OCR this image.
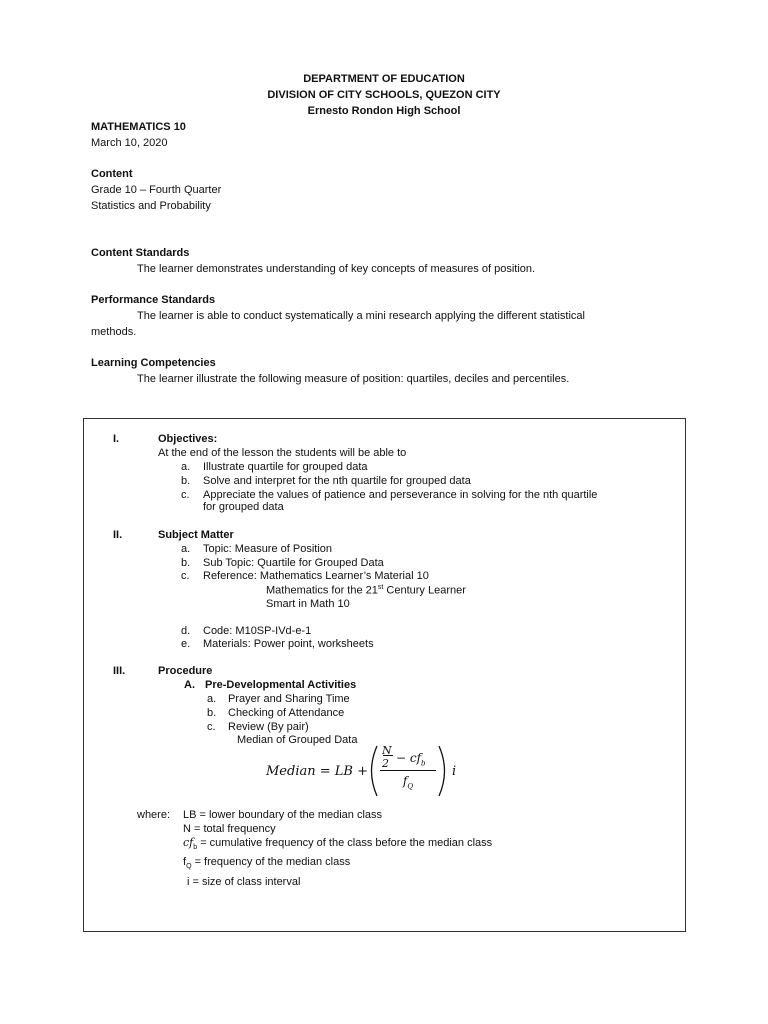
DEPARTMENT OF EDUCATION
DIVISION OF CITY SCHOOLS, QUEZON CITY
Ernesto Rondon High School
MATHEMATICS 10
March 10, 2020
Content
Grade 10 – Fourth Quarter
Statistics and Probability
Content Standards
The learner demonstrates understanding of key concepts of measures of position.
Performance Standards
The learner is able to conduct systematically a mini research applying the different statistical
methods.
Learning Competencies
The learner illustrate the following measure of position: quartiles, deciles and percentiles.
I.	Objectives:
At the end of the lesson the students will be able to
a. Illustrate quartile for grouped data
b. Solve and interpret for the nth quartile for grouped data
c. Appreciate the values of patience and perseverance in solving for the nth quartile
for grouped data
II.	Subject Matter
a. Topic: Measure of Position
b. Sub Topic: Quartile for Grouped Data
c. Reference: Mathematics Learner’s Material 10
Mathematics for the 21st Century Learner
Smart in Math 10
d. Code: M10SP-IVd-e-1
e. Materials: Power point, worksheets
III.	Procedure
A. Pre-Developmental Activities
a. Prayer and Sharing Time
b. Checking of Attendance
c. Review (By pair)
Median of Grouped Data
Median = LB +
N
$2 - cf_b$
$f_Q$
i
where: LB = lower boundary of the median class
N = total frequency
$cf_b$ = cumulative frequency of the class before the median class
$f_Q$ = frequency of the median class
i = size of class interval
